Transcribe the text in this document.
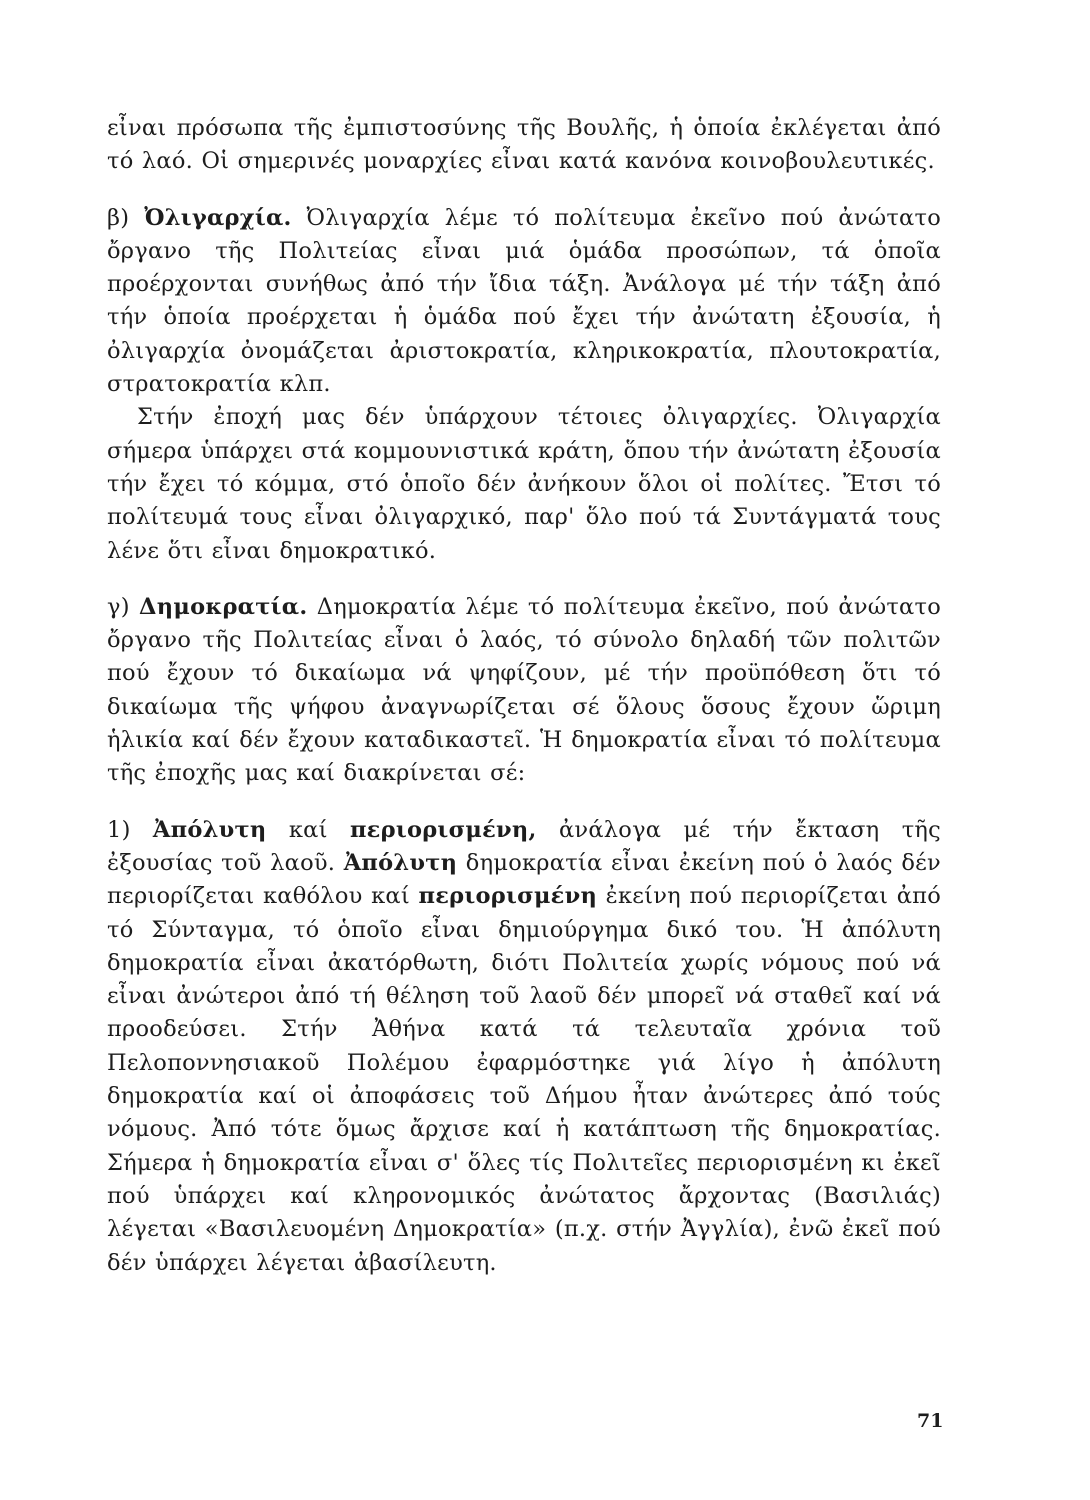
εἶναι πρόσωπα τῆς ἐμπιστοσύνης τῆς Βουλῆς, ἡ ὁποία ἐκλέγεται ἀπό τό λαό. Οἱ σημερινές μοναρχίες εἶναι κατά κανόνα κοινοβουλευτικές.

β) Ὀλιγαρχία. Ὀλιγαρχία λέμε τό πολίτευμα ἐκεῖνο πού ἀνώτατο ὄργανο τῆς Πολιτείας εἶναι μιά ὁμάδα προσώπων, τά ὁποῖα προέρχονται συνήθως ἀπό τήν ἴδια τάξη. Ἀνάλογα μέ τήν τάξη ἀπό τήν ὁποία προέρχεται ἡ ὁμάδα πού ἔχει τήν ἀνώτατη ἐξουσία, ἡ ὀλιγαρχία ὀνομάζεται ἀριστοκρατία, κληρικοκρατία, πλουτοκρατία, στρατοκρατία κλπ.

Στήν ἐποχή μας δέν ὑπάρχουν τέτοιες ὀλιγαρχίες. Ὀλιγαρχία σήμερα ὑπάρχει στά κομμουνιστικά κράτη, ὅπου τήν ἀνώτατη ἐξουσία τήν ἔχει τό κόμμα, στό ὁποῖο δέν ἀνήκουν ὅλοι οἱ πολίτες. Ἔτσι τό πολίτευμά τους εἶναι ὀλιγαρχικό, παρ' ὅλο πού τά Συντάγματά τους λένε ὅτι εἶναι δημοκρατικό.

γ) Δημοκρατία. Δημοκρατία λέμε τό πολίτευμα ἐκεῖνο, πού ἀνώτατο ὄργανο τῆς Πολιτείας εἶναι ὁ λαός, τό σύνολο δηλαδή τῶν πολιτῶν πού ἔχουν τό δικαίωμα νά ψηφίζουν, μέ τήν προϋπόθεση ὅτι τό δικαίωμα τῆς ψήφου ἀναγνωρίζεται σέ ὅλους ὅσους ἔχουν ὥριμη ἡλικία καί δέν ἔχουν καταδικαστεῖ. Ἡ δημοκρατία εἶναι τό πολίτευμα τῆς ἐποχῆς μας καί διακρίνεται σέ:

1) Ἀπόλυτη καί περιορισμένη, ἀνάλογα μέ τήν ἔκταση τῆς ἐξουσίας τοῦ λαοῦ. Ἀπόλυτη δημοκρατία εἶναι ἐκείνη πού ὁ λαός δέν περιορίζεται καθόλου καί περιορισμένη ἐκείνη πού περιορίζεται ἀπό τό Σύνταγμα, τό ὁποῖο εἶναι δημιούργημα δικό του. Ἡ ἀπόλυτη δημοκρατία εἶναι ἀκατόρθωτη, διότι Πολιτεία χωρίς νόμους πού νά εἶναι ἀνώτεροι ἀπό τή θέληση τοῦ λαοῦ δέν μπορεῖ νά σταθεῖ καί νά προοδεύσει. Στήν Ἀθήνα κατά τά τελευταῖα χρόνια τοῦ Πελοποννησιακοῦ Πολέμου ἐφαρμόστηκε γιά λίγο ἡ ἀπόλυτη δημοκρατία καί οἱ ἀποφάσεις τοῦ Δήμου ἦταν ἀνώτερες ἀπό τούς νόμους. Ἀπό τότε ὅμως ἄρχισε καί ἡ κατάπτωση τῆς δημοκρατίας. Σήμερα ἡ δημοκρατία εἶναι σ' ὅλες τίς Πολιτεῖες περιορισμένη κι ἐκεῖ πού ὑπάρχει καί κληρονομικός ἀνώτατος ἄρχοντας (Βασιλιάς) λέγεται «Βασιλευομένη Δημοκρατία» (π.χ. στήν Ἀγγλία), ἐνῶ ἐκεῖ πού δέν ὑπάρχει λέγεται ἀβασίλευτη.

71
